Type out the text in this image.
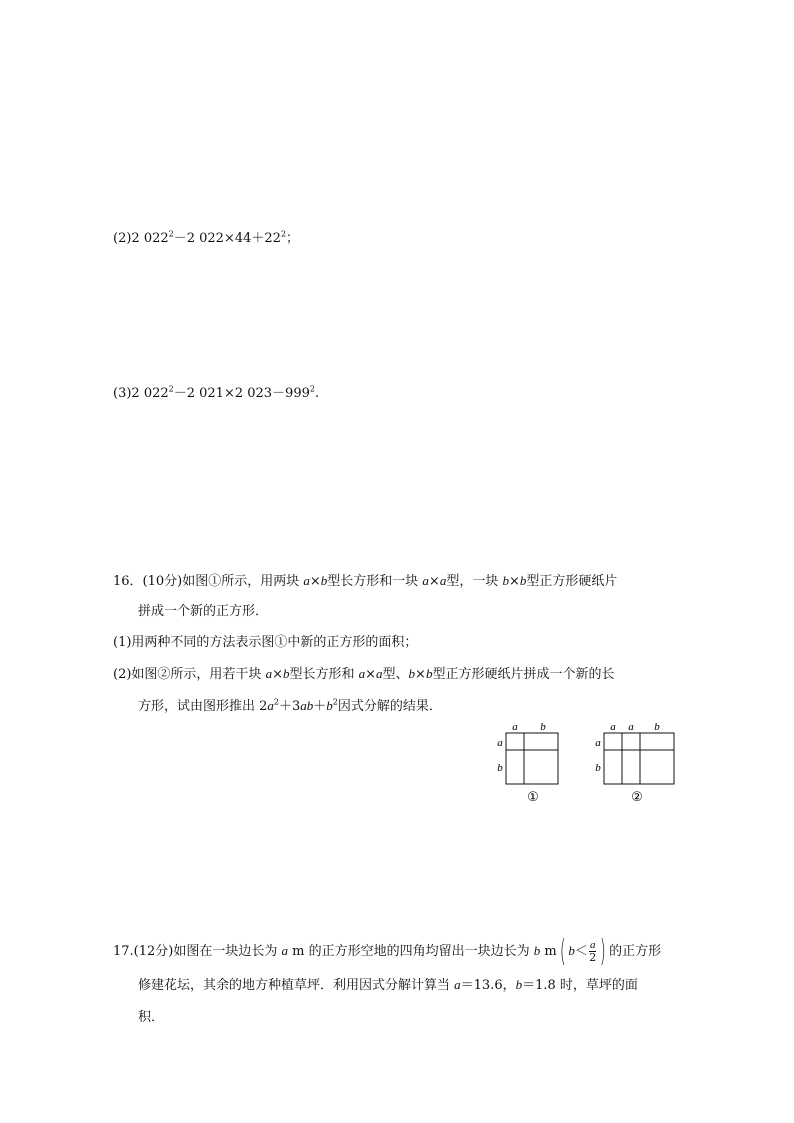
(2)2 $022^2-2$ $022\times 44+22^2$；
(3)2 $022^2-2$ 021×2 $023-999^2$.
16．(10分)如图①所示，用两块 a×b型长方形和一块 a×a型，一块 b×b型正方形硬纸片
拼成一个新的正方形．
(1)用两种不同的方法表示图①中新的正方形的面积；
(2)如图②所示，用若干块 a×b型长方形和 a×a型、b×b型正方形硬纸片拼成一个新的长
方形，试由图形推出 $2a^2+3ab+b^2$因式分解的结果．
a b
a
b
①
a a b
a
b
②
17.(12分)如图在一块边长为 a m 的正方形空地的四角均留出一块边长为 b m( $b< \frac{a}{2}$ ) 的正方形
修建花坛，其余的地方种植草坪．利用因式分解计算当 a＝13.6，b＝1.8 时，草坪的面
积．
